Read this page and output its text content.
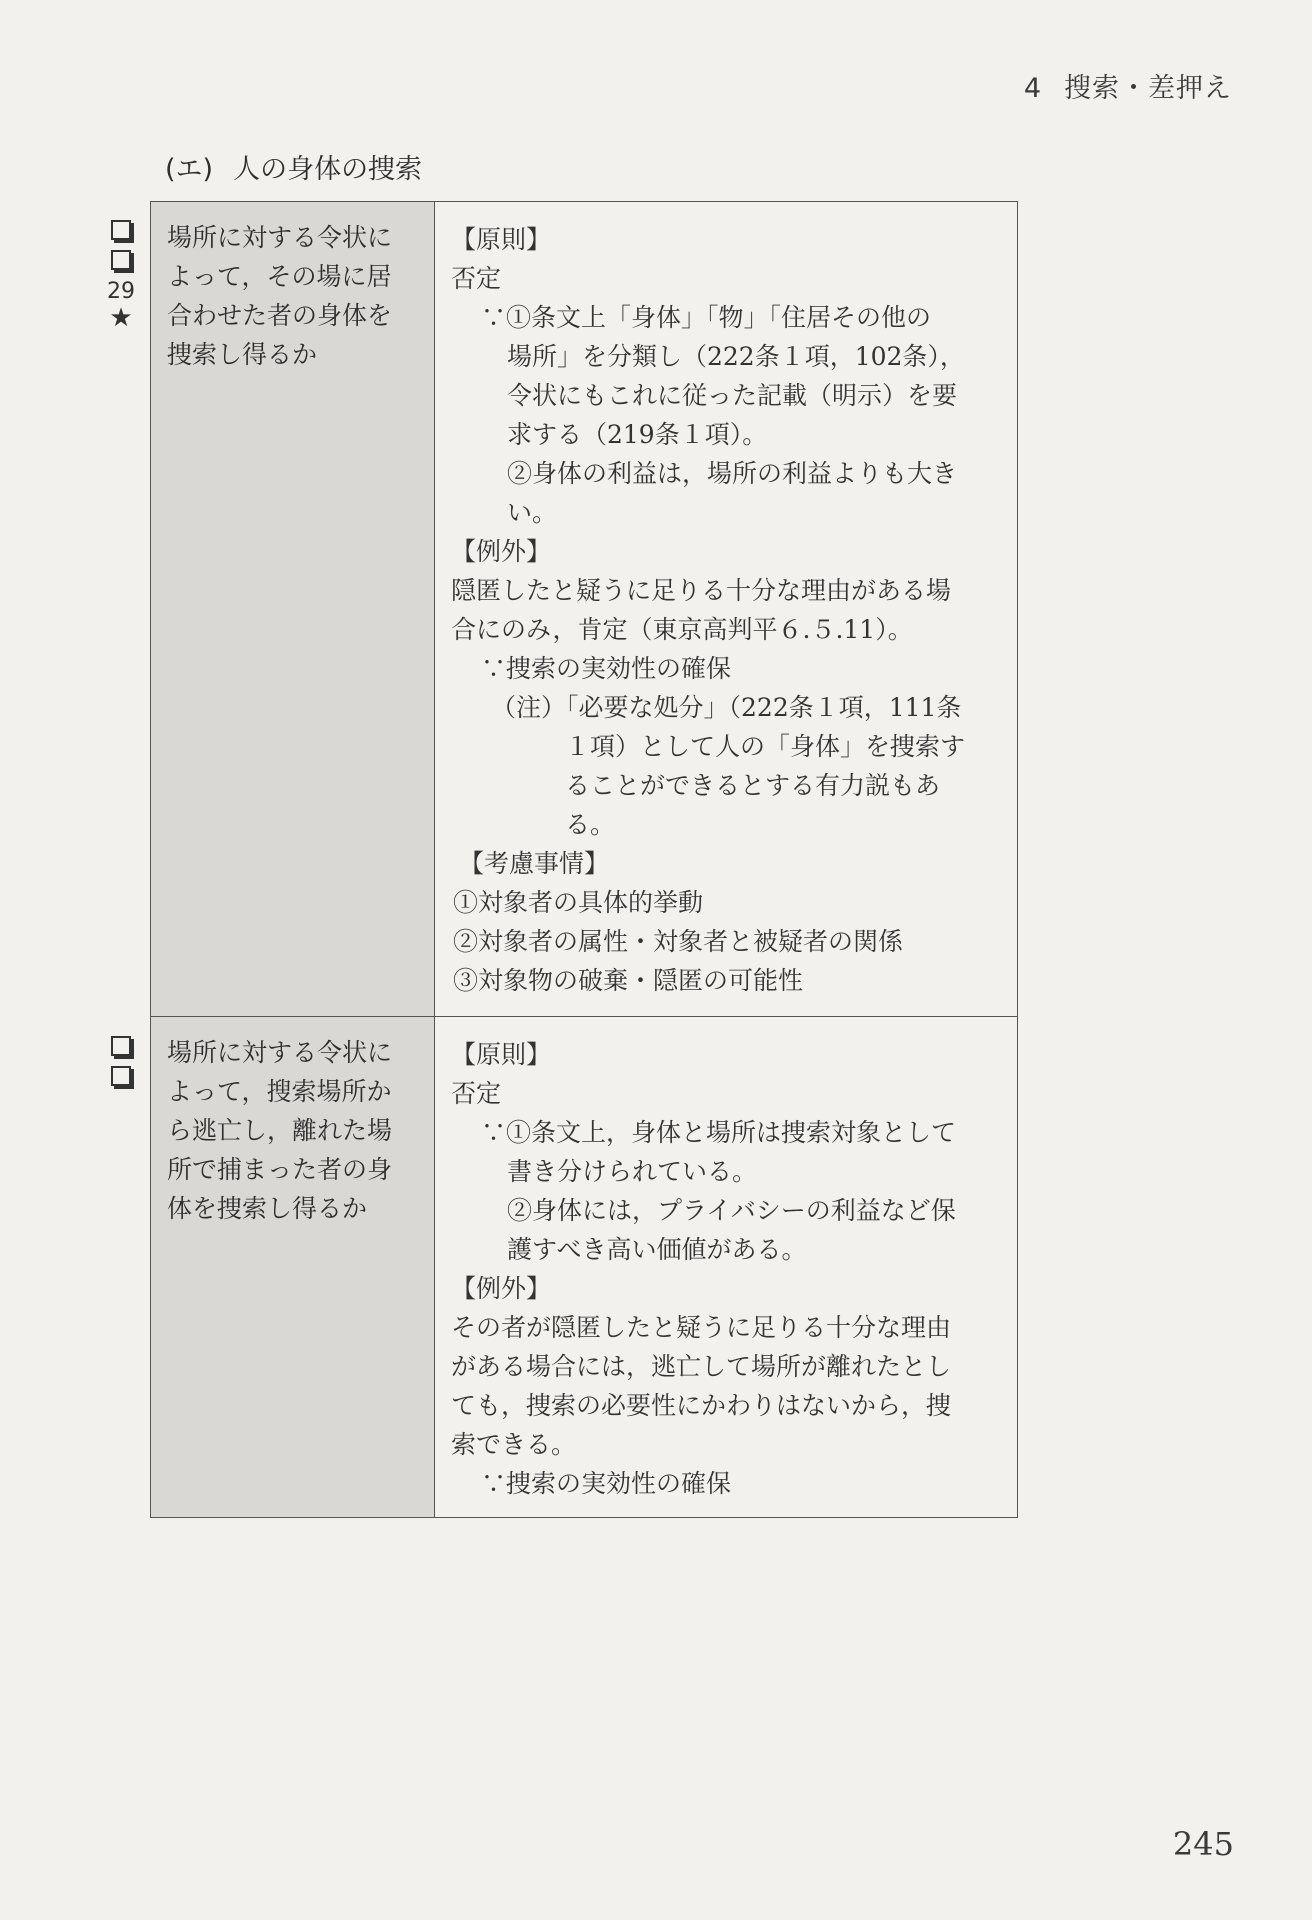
4 搜索・差押え
(エ) 人の身体の捜索
29
★
場所に対する令状に
よって，その場に居
合わせた者の身体を
捜索し得るか
【原則】
否定
∵①条文上「身体」「物」「住居その他の
場所」を分類し（222条１項，102条），
令状にもこれに従った記載（明示）を要
求する（219条１項）。
②身体の利益は，場所の利益よりも大き
い。
【例外】
隠匿したと疑うに足りる十分な理由がある場
合にのみ，肯定（東京高判平６.５.11）。
∵捜索の実効性の確保
（注）「必要な処分」（222条１項，111条
１項）として人の「身体」を捜索す
ることができるとする有力説もあ
る。
【考慮事情】
①対象者の具体的挙動
②対象者の属性・対象者と被疑者の関係
③対象物の破棄・隠匿の可能性
場所に対する令状に
よって，搜索場所か
ら逃亡し，離れた場
所で捕まった者の身
体を捜索し得るか
【原則】
否定
∵①条文上，身体と場所は捜索対象として
書き分けられている。
②身体には，プライバシーの利益など保
護すべき高い価値がある。
【例外】
その者が隠匿したと疑うに足りる十分な理由
がある場合には，逃亡して場所が離れたとし
ても，捜索の必要性にかわりはないから，捜
索できる。
∵捜索の実効性の確保
245
